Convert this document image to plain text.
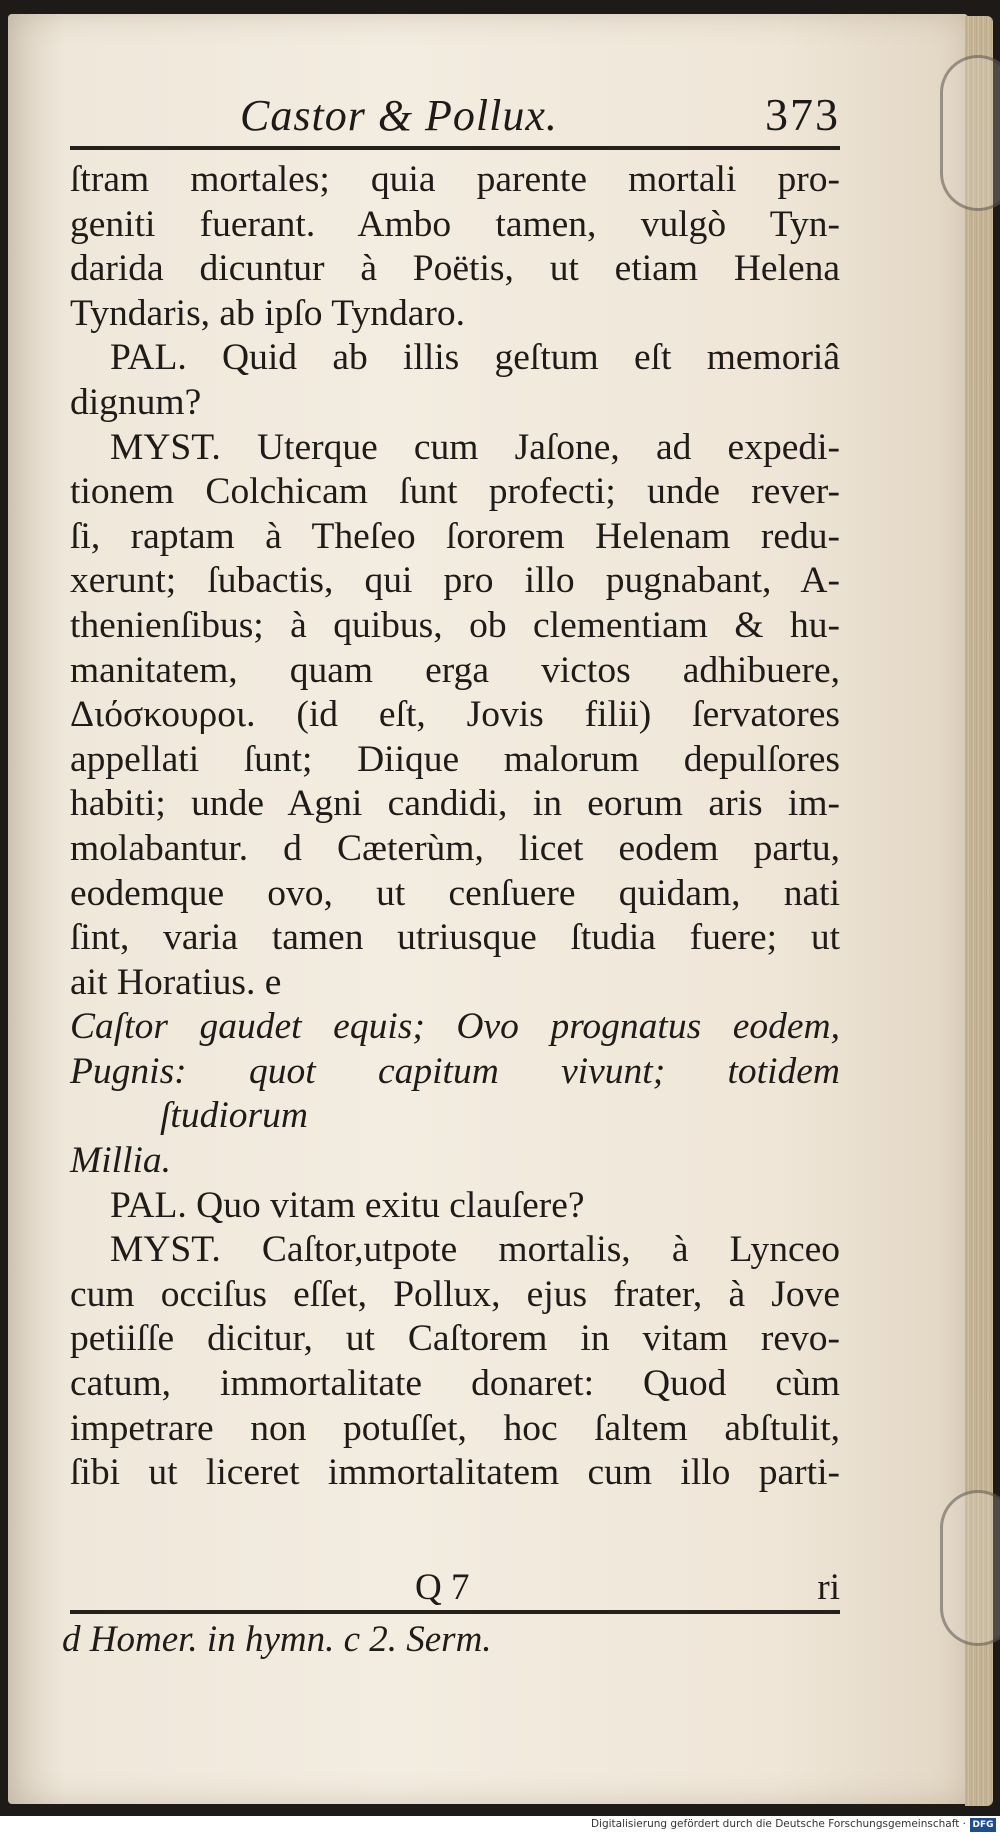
Castor & Pollux.	373
ſtram mortales; quia parente mortali pro-
geniti fuerant. Ambo tamen, vulgò Tyn-
darida dicuntur à Poëtis, ut etiam Helena
Tyndaris, ab ipſo Tyndaro.
PAL. Quid ab illis geſtum eſt memoriâ
dignum?
MYST. Uterque cum Jaſone, ad expedi-
tionem Colchicam ſunt profecti; unde rever-
ſi, raptam à Theſeo ſororem Helenam redu-
xerunt; ſubactis, qui pro illo pugnabant, A-
thenienſibus; à quibus, ob clementiam & hu-
manitatem, quam erga victos adhibuere,
Διόσκουροι. (id eſt, Jovis filii) ſervatores
appellati ſunt; Diique malorum depulſores
habiti; unde Agni candidi, in eorum aris im-
molabantur. d Cæterùm, licet eodem partu,
eodemque ovo, ut cenſuere quidam, nati
ſint, varia tamen utriusque ſtudia fuere; ut
ait Horatius. e
Caſtor gaudet equis; Ovo prognatus eodem,
Pugnis: quot capitum vivunt; totidem
ſtudiorum
Millia.
PAL. Quo vitam exitu clauſere?
MYST. Caſtor,utpote mortalis, à Lynceo
cum occiſus eſſet, Pollux, ejus frater, à Jove
petiiſſe dicitur, ut Caſtorem in vitam revo-
catum, immortalitate donaret: Quod cùm
impetrare non potuſſet, hoc ſaltem abſtulit,
ſibi ut liceret immortalitatem cum illo parti-
Q 7	ri
d Homer. in hymn. c 2. Serm.
Digitalisierung gefördert durch die Deutsche Forschungsgemeinschaft · DFG
